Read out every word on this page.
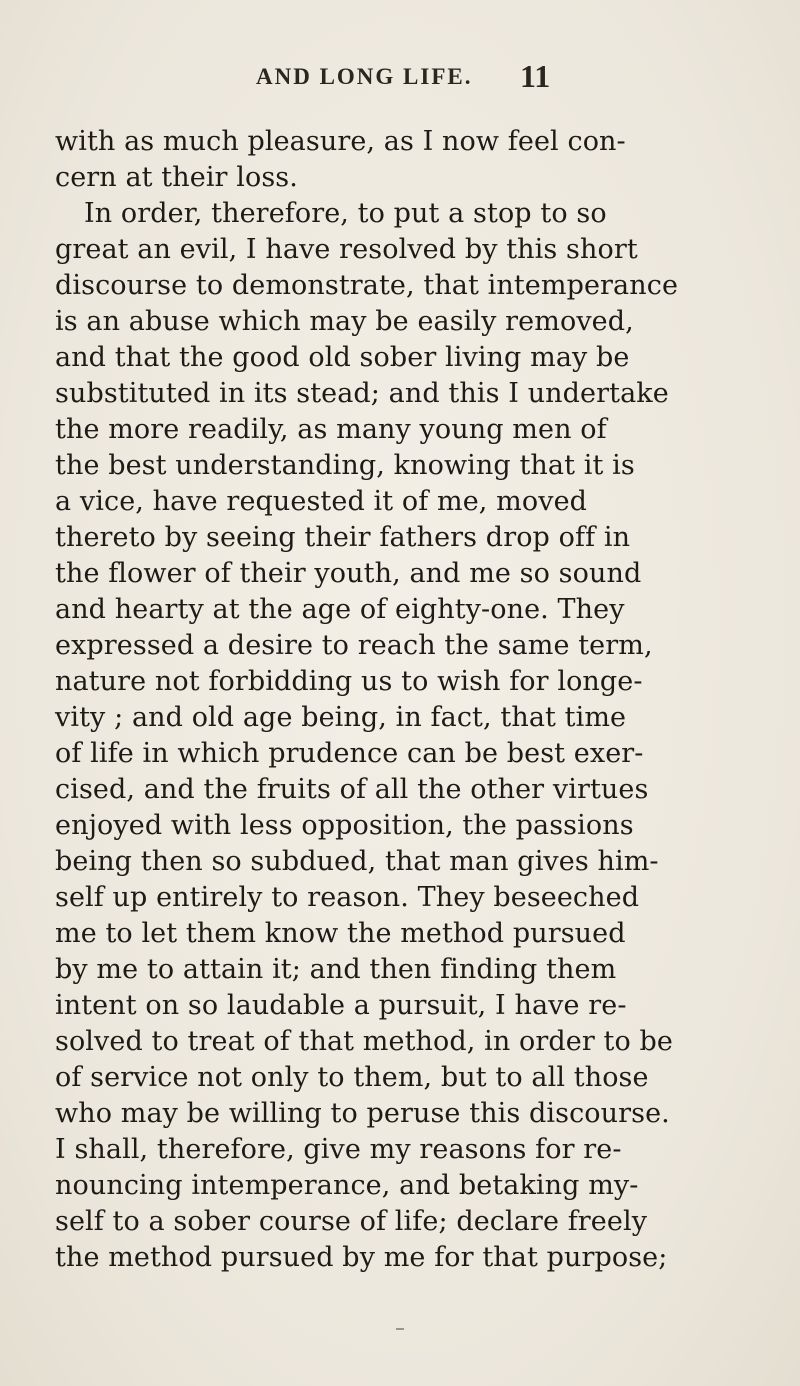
AND LONG LIFE. 11
with as much pleasure, as I now feel con-
cern at their loss.
In order, therefore, to put a stop to so
great an evil, I have resolved by this short
discourse to demonstrate, that intemperance
is an abuse which may be easily removed,
and that the good old sober living may be
substituted in its stead; and this I undertake
the more readily, as many young men of
the best understanding, knowing that it is
a vice, have requested it of me, moved
thereto by seeing their fathers drop off in
the flower of their youth, and me so sound
and hearty at the age of eighty-one. They
expressed a desire to reach the same term,
nature not forbidding us to wish for longe-
vity ; and old age being, in fact, that time
of life in which prudence can be best exer-
cised, and the fruits of all the other virtues
enjoyed with less opposition, the passions
being then so subdued, that man gives him-
self up entirely to reason. They beseeched
me to let them know the method pursued
by me to attain it; and then finding them
intent on so laudable a pursuit, I have re-
solved to treat of that method, in order to be
of service not only to them, but to all those
who may be willing to peruse this discourse.
I shall, therefore, give my reasons for re-
nouncing intemperance, and betaking my-
self to a sober course of life; declare freely
the method pursued by me for that purpose;
